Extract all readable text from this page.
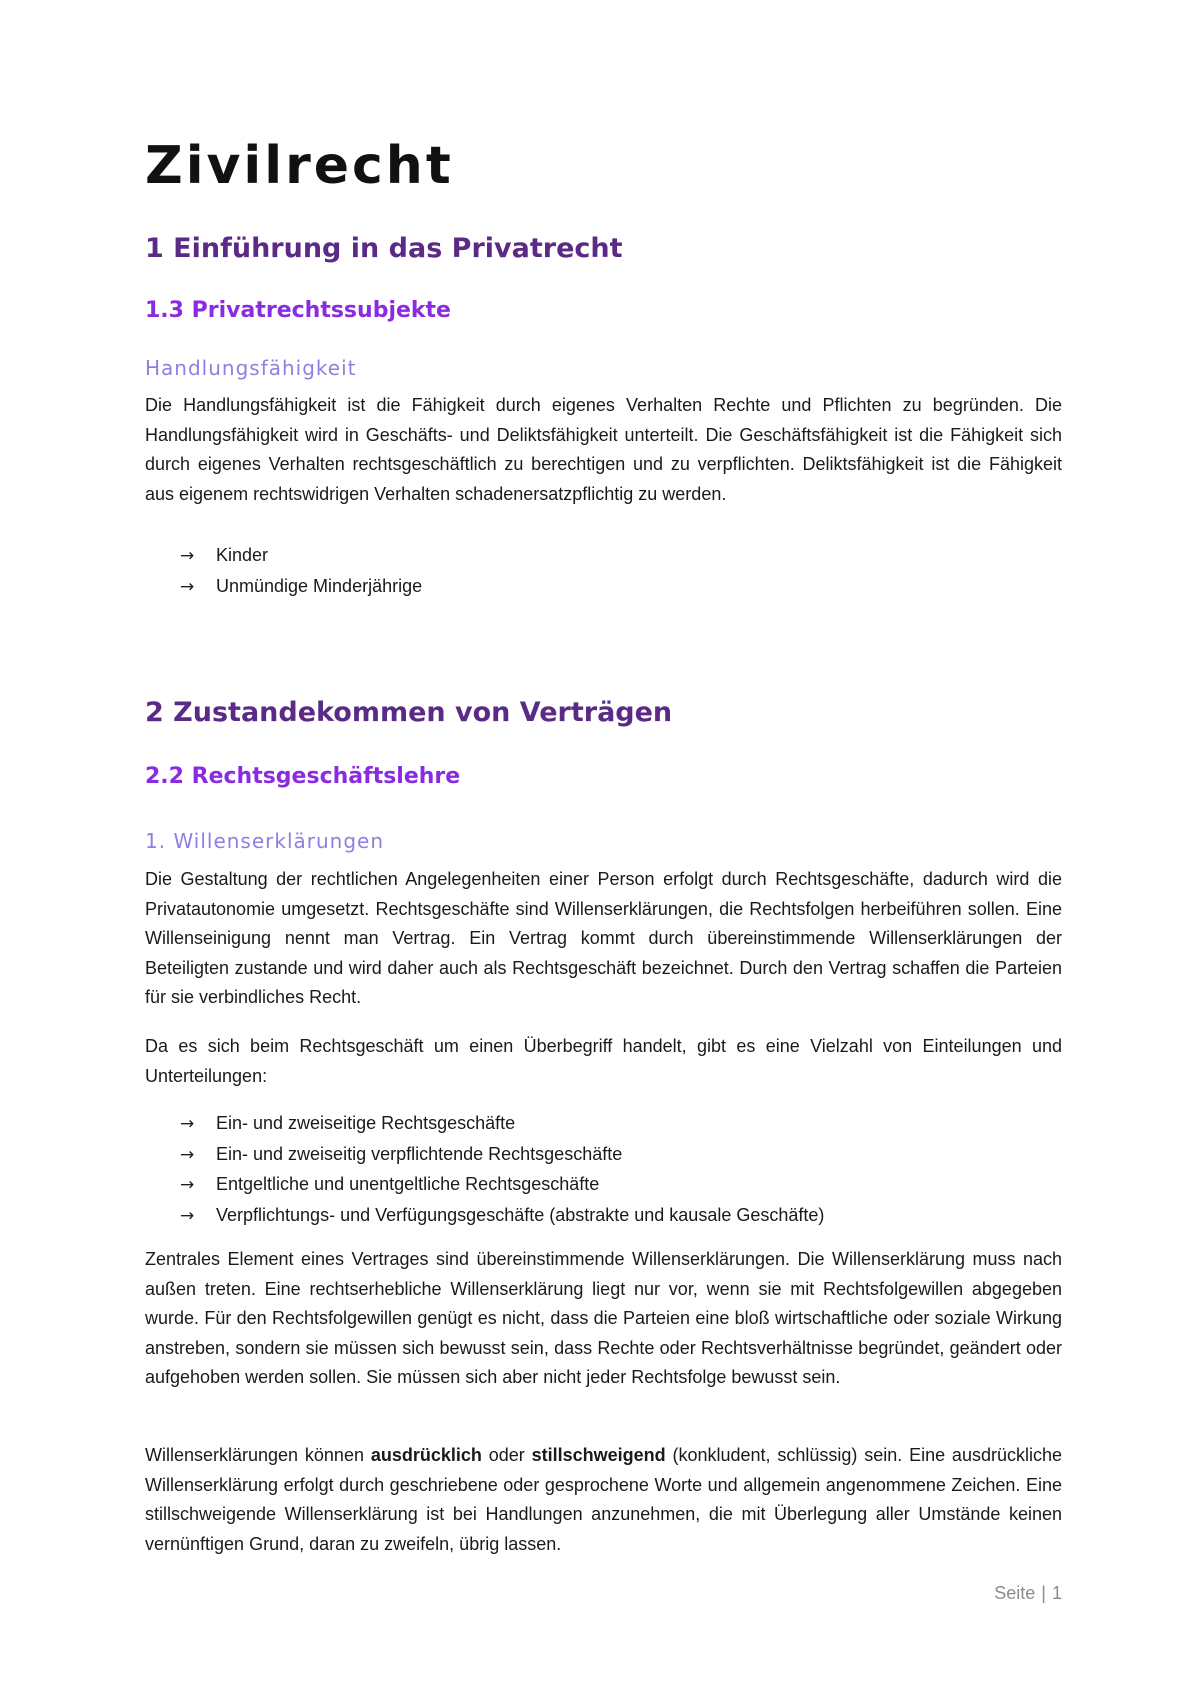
Zivilrecht
1 Einführung in das Privatrecht
1.3 Privatrechtssubjekte
Handlungsfähigkeit

Die Handlungsfähigkeit ist die Fähigkeit durch eigenes Verhalten Rechte und Pflichten zu begründen. Die Handlungsfähigkeit wird in Geschäfts- und Deliktsfähigkeit unterteilt. Die Geschäftsfähigkeit ist die Fähigkeit sich durch eigenes Verhalten rechtsgeschäftlich zu berechtigen und zu verpflichten. Deliktsfähigkeit ist die Fähigkeit aus eigenem rechtswidrigen Verhalten schadenersatzpflichtig zu werden.

→	Kinder
→	Unmündige Minderjährige
2 Zustandekommen von Verträgen
2.2 Rechtsgeschäftslehre
1. Willenserklärungen

Die Gestaltung der rechtlichen Angelegenheiten einer Person erfolgt durch Rechtsgeschäfte, dadurch wird die Privatautonomie umgesetzt. Rechtsgeschäfte sind Willenserklärungen, die Rechtsfolgen herbeiführen sollen. Eine Willenseinigung nennt man Vertrag. Ein Vertrag kommt durch übereinstimmende Willenserklärungen der Beteiligten zustande und wird daher auch als Rechtsgeschäft bezeichnet. Durch den Vertrag schaffen die Parteien für sie verbindliches Recht.

Da es sich beim Rechtsgeschäft um einen Überbegriff handelt, gibt es eine Vielzahl von Einteilungen und Unterteilungen:

→	Ein- und zweiseitige Rechtsgeschäfte
→	Ein- und zweiseitig verpflichtende Rechtsgeschäfte
→	Entgeltliche und unentgeltliche Rechtsgeschäfte
→	Verpflichtungs- und Verfügungsgeschäfte (abstrakte und kausale Geschäfte)

Zentrales Element eines Vertrages sind übereinstimmende Willenserklärungen. Die Willenserklärung muss nach außen treten. Eine rechtserhebliche Willenserklärung liegt nur vor, wenn sie mit Rechtsfolgewillen abgegeben wurde. Für den Rechtsfolgewillen genügt es nicht, dass die Parteien eine bloß wirtschaftliche oder soziale Wirkung anstreben, sondern sie müssen sich bewusst sein, dass Rechte oder Rechtsverhältnisse begründet, geändert oder aufgehoben werden sollen. Sie müssen sich aber nicht jeder Rechtsfolge bewusst sein.

Willenserklärungen können ausdrücklich oder stillschweigend (konkludent, schlüssig) sein. Eine ausdrückliche Willenserklärung erfolgt durch geschriebene oder gesprochene Worte und allgemein angenommene Zeichen. Eine stillschweigende Willenserklärung ist bei Handlungen anzunehmen, die mit Überlegung aller Umstände keinen vernünftigen Grund, daran zu zweifeln, übrig lassen.

Seite | 1
